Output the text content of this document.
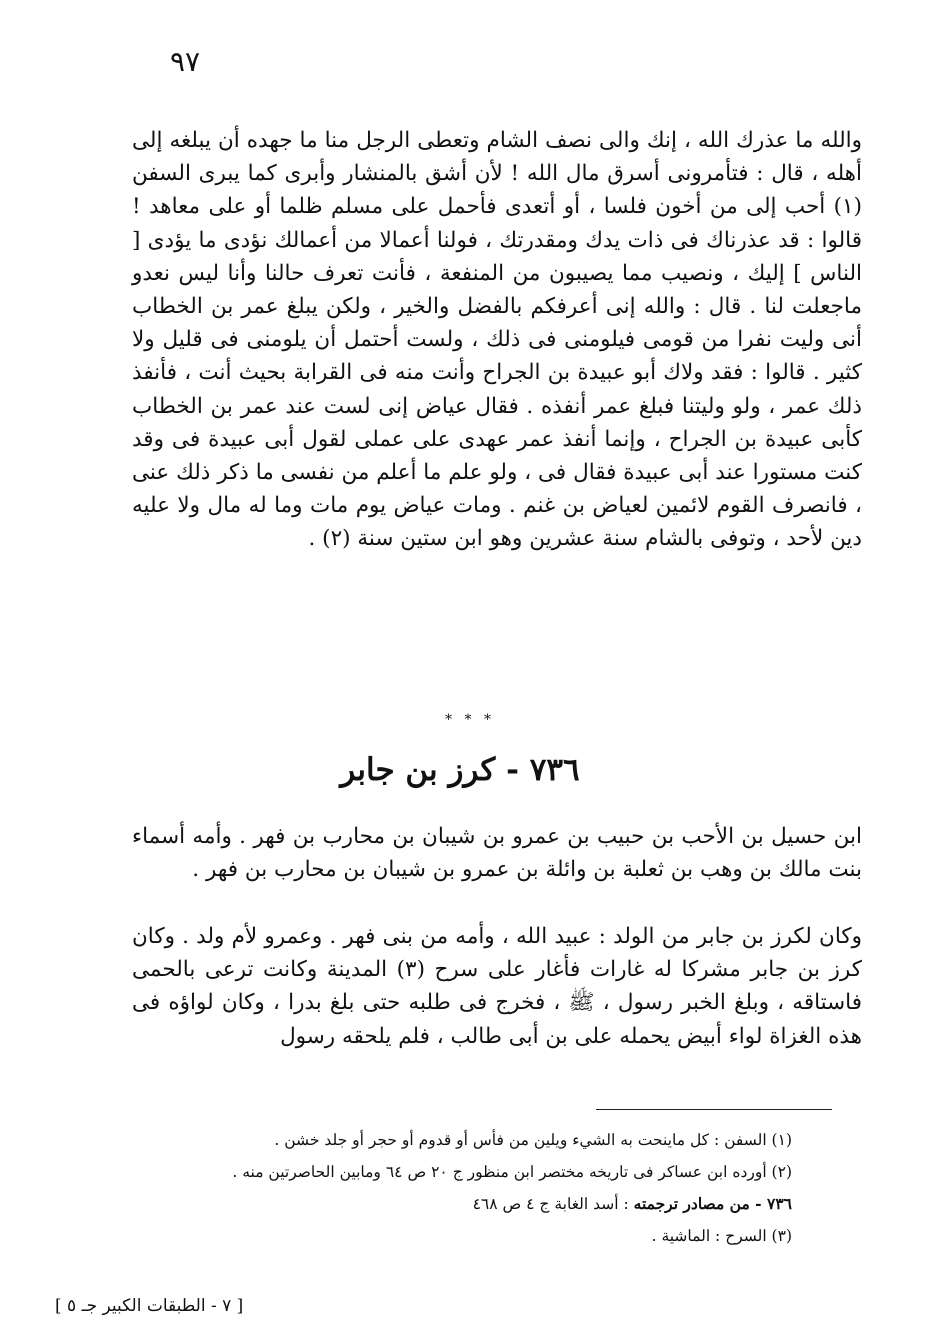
٩٧

والله ما عذرك الله ، إنك والى نصف الشام وتعطى الرجل منا ما جهده أن يبلغه إلى أهله ، قال : فتأمرونى أسرق مال الله ! لأن أشق بالمنشار وأبرى كما يبرى السفن (١) أحب إلى من أخون فلسا ، أو أتعدى فأحمل على مسلم ظلما أو على معاهد ! قالوا : قد عذرناك فى ذات يدك ومقدرتك ، فولنا أعمالا من أعمالك نؤدى ما يؤدى [ الناس ] إليك ، ونصيب مما يصيبون من المنفعة ، فأنت تعرف حالنا وأنا ليس نعدو ماجعلت لنا . قال : والله إنى أعرفكم بالفضل والخير ، ولكن يبلغ عمر بن الخطاب أنى وليت نفرا من قومى فيلومنى فى ذلك ، ولست أحتمل أن يلومنى فى قليل ولا كثير . قالوا : فقد ولاك أبو عبيدة بن الجراح وأنت منه فى القرابة بحيث أنت ، فأنفذ ذلك عمر ، ولو وليتنا فبلغ عمر أنفذه . فقال عياض إنى لست عند عمر بن الخطاب كأبى عبيدة بن الجراح ، وإنما أنفذ عمر عهدى على عملى لقول أبى عبيدة فى وقد كنت مستورا عند أبى عبيدة فقال فى ، ولو علم ما أعلم من نفسى ما ذكر ذلك عنى ، فانصرف القوم لائمين لعياض بن غنم . ومات عياض يوم مات وما له مال ولا عليه دين لأحد ، وتوفى بالشام سنة عشرين وهو ابن ستين سنة (٢) .

* * *
٧٣٦ - كرز بن جابر

ابن حسيل بن الأحب بن حبيب بن عمرو بن شيبان بن محارب بن فهر . وأمه أسماء بنت مالك بن وهب بن ثعلبة بن وائلة بن عمرو بن شيبان بن محارب بن فهر .

وكان لكرز بن جابر من الولد : عبيد الله ، وأمه من بنى فهر . وعمرو لأم ولد . وكان كرز بن جابر مشركا له غارات فأغار على سرح (٣) المدينة وكانت ترعى بالحمى فاستاقه ، وبلغ الخبر رسول ، ﷺ ، فخرج فى طلبه حتى بلغ بدرا ، وكان لواؤه فى هذه الغزاة لواء أبيض يحمله على بن أبى طالب ، فلم يلحقه رسول

(١) السفن : كل ماينحت به الشيء ويلين من فأس أو قدوم أو حجر أو جلد خشن .
(٢) أورده ابن عساكر فى تاريخه مختصر ابن منظور ج ٢٠ ص ٦٤ ومابين الحاصرتين منه .
٧٣٦ - من مصادر ترجمته : أسد الغابة ج ٤ ص ٤٦٨
(٣) السرح : الماشية .
[ ٧ - الطبقات الكبير جـ ٥ ]
